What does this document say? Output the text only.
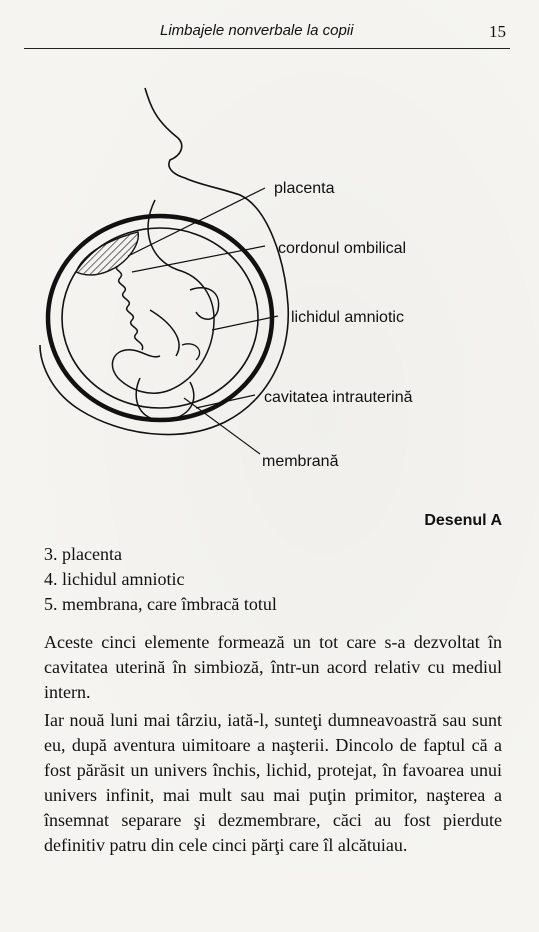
Limbajele nonverbale la copii	15
placenta
cordonul ombilical
lichidul amniotic
cavitatea intrauterină
membrană
Desenul A
3. placenta
4. lichidul amniotic
5. membrana, care îmbracă totul

Aceste cinci elemente formează un tot care s-a dezvoltat în cavitatea uterină în simbioză, într-un acord relativ cu mediul intern.

Iar nouă luni mai târziu, iată-l, sunteţi dumneavoastră sau sunt eu, după aventura uimitoare a naşterii. Dincolo de faptul că a fost părăsit un univers închis, lichid, protejat, în favoarea unui univers infinit, mai mult sau mai puţin primitor, naşterea a însemnat separare şi dezmembrare, căci au fost pierdute definitiv patru din cele cinci părţi care îl alcătuiau.
